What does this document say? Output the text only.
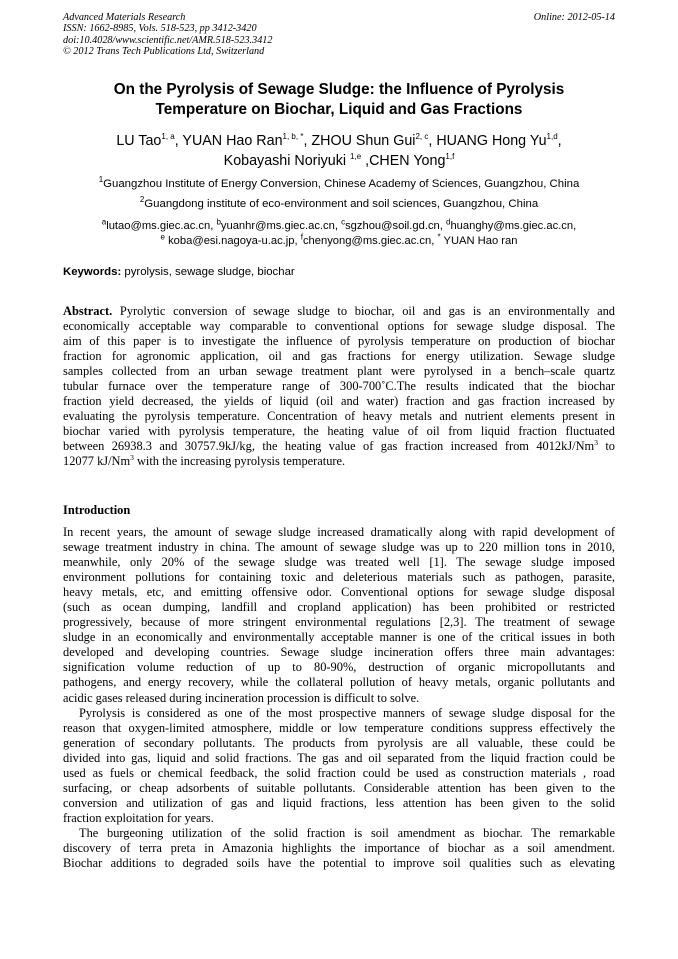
Advanced Materials Research
ISSN: 1662-8985, Vols. 518-523, pp 3412-3420
doi:10.4028/www.scientific.net/AMR.518-523.3412
© 2012 Trans Tech Publications Ltd, Switzerland
Online: 2012-05-14
On the Pyrolysis of Sewage Sludge: the Influence of Pyrolysis
Temperature on Biochar, Liquid and Gas Fractions
LU Tao$^{1, a}$, YUAN Hao Ran$^{1, b, *}$, ZHOU Shun Gui$^{2, c}$, HUANG Hong Yu$^{1,d}$,
Kobayashi Noriyuki $^{1,e}$ ,CHEN Yong$^{1,f}$
$^1$Guangzhou Institute of Energy Conversion, Chinese Academy of Sciences, Guangzhou, China
$^2$Guangdong institute of eco-environment and soil sciences, Guangzhou, China
$^a$lutao@ms.giec.ac.cn, $^b$yuanhr@ms.giec.ac.cn, $^c$sgzhou@soil.gd.cn, $^d$huanghy@ms.giec.ac.cn,
$^e$ koba@esi.nagoya-u.ac.jp, $^f$chenyong@ms.giec.ac.cn, * YUAN Hao ran
Keywords: pyrolysis, sewage sludge, biochar
Abstract. Pyrolytic conversion of sewage sludge to biochar, oil and gas is an environmentally and
economically acceptable way comparable to conventional options for sewage sludge disposal. The
aim of this paper is to investigate the influence of pyrolysis temperature on production of biochar
fraction for agronomic application, oil and gas fractions for energy utilization. Sewage sludge
samples collected from an urban sewage treatment plant were pyrolysed in a bench–scale quartz
tubular furnace over the temperature range of 300-700˚C.The results indicated that the biochar
fraction yield decreased, the yields of liquid (oil and water) fraction and gas fraction increased by
evaluating the pyrolysis temperature. Concentration of heavy metals and nutrient elements present in
biochar varied with pyrolysis temperature, the heating value of oil from liquid fraction fluctuated
between 26938.3 and 30757.9kJ/kg, the heating value of gas fraction increased from 4012kJ/Nm$^3$ to
12077 kJ/Nm$^3$ with the increasing pyrolysis temperature.
Introduction
In recent years, the amount of sewage sludge increased dramatically along with rapid development of
sewage treatment industry in china. The amount of sewage sludge was up to 220 million tons in 2010,
meanwhile, only 20% of the sewage sludge was treated well [1]. The sewage sludge imposed
environment pollutions for containing toxic and deleterious materials such as pathogen, parasite,
heavy metals, etc, and emitting offensive odor. Conventional options for sewage sludge disposal
(such as ocean dumping, landfill and cropland application) has been prohibited or restricted
progressively, because of more stringent environmental regulations [2,3]. The treatment of sewage
sludge in an economically and environmentally acceptable manner is one of the critical issues in both
developed and developing countries. Sewage sludge incineration offers three main advantages:
signification volume reduction of up to 80-90%, destruction of organic micropollutants and
pathogens, and energy recovery, while the collateral pollution of heavy metals, organic pollutants and
acidic gases released during incineration procession is difficult to solve.
Pyrolysis is considered as one of the most prospective manners of sewage sludge disposal for the
reason that oxygen-limited atmosphere, middle or low temperature conditions suppress effectively the
generation of secondary pollutants. The products from pyrolysis are all valuable, these could be
divided into gas, liquid and solid fractions. The gas and oil separated from the liquid fraction could be
used as fuels or chemical feedback, the solid fraction could be used as construction materials , road
surfacing, or cheap adsorbents of suitable pollutants. Considerable attention has been given to the
conversion and utilization of gas and liquid fractions, less attention has been given to the solid
fraction exploitation for years.
The burgeoning utilization of the solid fraction is soil amendment as biochar. The remarkable
discovery of terra preta in Amazonia highlights the importance of biochar as a soil amendment.
Biochar additions to degraded soils have the potential to improve soil qualities such as elevating
